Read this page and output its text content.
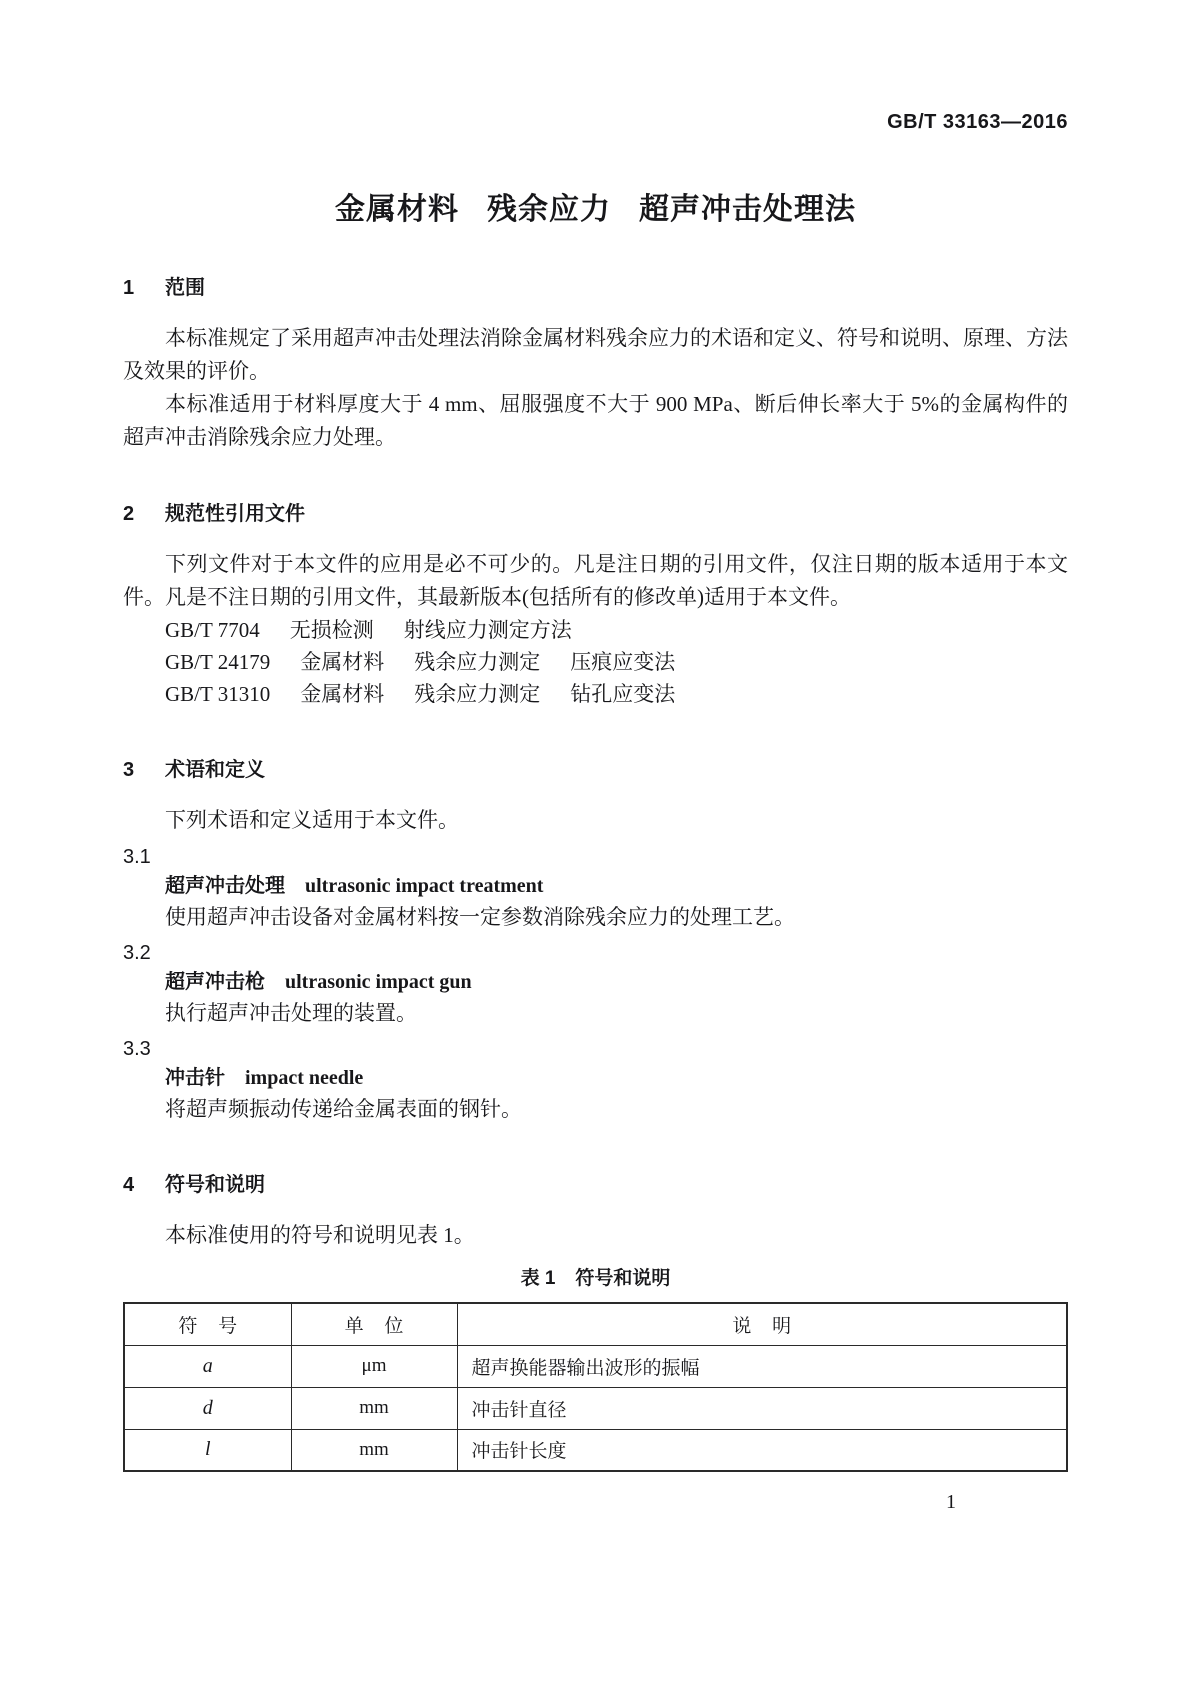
GB/T 33163—2016
金属材料 残余应力 超声冲击处理法
1 范围

本标准规定了采用超声冲击处理法消除金属材料残余应力的术语和定义、符号和说明、原理、方法及效果的评价。

本标准适用于材料厚度大于 4 mm、屈服强度不大于 900 MPa、断后伸长率大于 5%的金属构件的超声冲击消除残余应力处理。

2 规范性引用文件

下列文件对于本文件的应用是必不可少的。凡是注日期的引用文件，仅注日期的版本适用于本文件。凡是不注日期的引用文件，其最新版本(包括所有的修改单)适用于本文件。

GB/T 7704 无损检测 射线应力测定方法
GB/T 24179 金属材料 残余应力测定 压痕应变法
GB/T 31310 金属材料 残余应力测定 钻孔应变法
3 术语和定义

下列术语和定义适用于本文件。

3.1
超声冲击处理 ultrasonic impact treatment

使用超声冲击设备对金属材料按一定参数消除残余应力的处理工艺。

3.2
超声冲击枪 ultrasonic impact gun

执行超声冲击处理的装置。

3.3
冲击针 impact needle

将超声频振动传递给金属表面的钢针。

4 符号和说明

本标准使用的符号和说明见表 1。

表 1 符号和说明
符 号	单 位	说 明
a	μm	超声换能器输出波形的振幅
d	mm	冲击针直径
l	mm	冲击针长度
1
